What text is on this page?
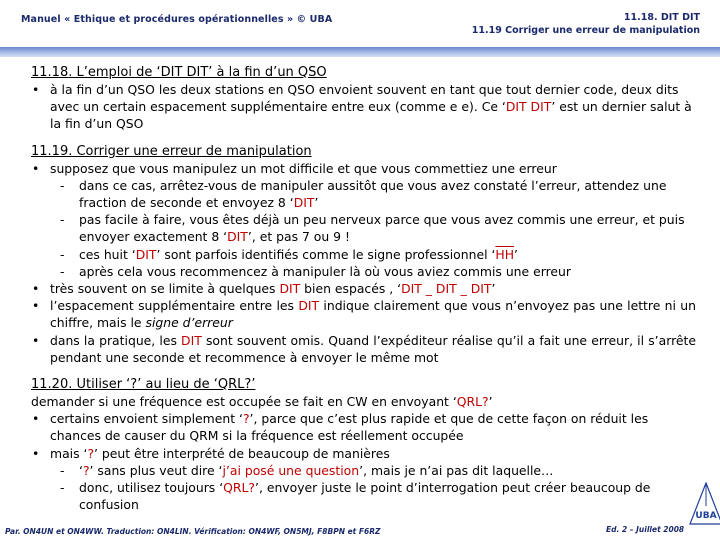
Manuel « Ethique et procédures opérationnelles » © UBA	11.18. DIT DIT
11.19 Corriger une erreur de manipulation

11.18. L’emploi de ‘DIT DIT’ à la fin d’un QSO

• à la fin d’un QSO les deux stations en QSO envoient souvent en tant que tout dernier code, deux dits avec un certain espacement supplémentaire entre eux (comme e e). Ce ‘DIT DIT’ est un dernier salut à la fin d’un QSO

11.19. Corriger une erreur de manipulation

• supposez que vous manipulez un mot difficile et que vous commettiez une erreur

- dans ce cas, arrêtez-vous de manipuler aussitôt que vous avez constaté l’erreur, attendez une fraction de seconde et envoyez 8 ‘DIT’

- pas facile à faire, vous êtes déjà un peu nerveux parce que vous avez commis une erreur, et puis envoyer exactement 8 ‘DIT’, et pas 7 ou 9 !

- ces huit ‘DIT’ sont parfois identifiés comme le signe professionnel ‘$\overline{HH}$’

- après cela vous recommencez à manipuler là où vous aviez commis une erreur

• très souvent on se limite à quelques DIT bien espacés , ‘DIT _ DIT _ DIT’

• l’espacement supplémentaire entre les DIT indique clairement que vous n’envoyez pas une lettre ni un chiffre, mais le signe d’erreur

• dans la pratique, les DIT sont souvent omis. Quand l’expéditeur réalise qu’il a fait une erreur, il s’arrête pendant une seconde et recommence à envoyer le même mot

11.20. Utiliser ‘?’ au lieu de ‘QRL?’

demander si une fréquence est occupée se fait en CW en envoyant ‘QRL?’

• certains envoient simplement ‘?’, parce que c’est plus rapide et que de cette façon on réduit les chances de causer du QRM si la fréquence est réellement occupée

• mais ‘?’ peut être interprété de beaucoup de manières

- ‘?’ sans plus veut dire ‘j’ai posé une question’, mais je n’ai pas dit laquelle…

- donc, utilisez toujours ‘QRL?’, envoyer juste le point d’interrogation peut créer beaucoup de confusion

Par. ON4UN et ON4WW. Traduction: ON4LIN. Vérification: ON4WF, ON5MJ, F8BPN et F6RZ	Ed. 2 – Juillet 2008
UBA
